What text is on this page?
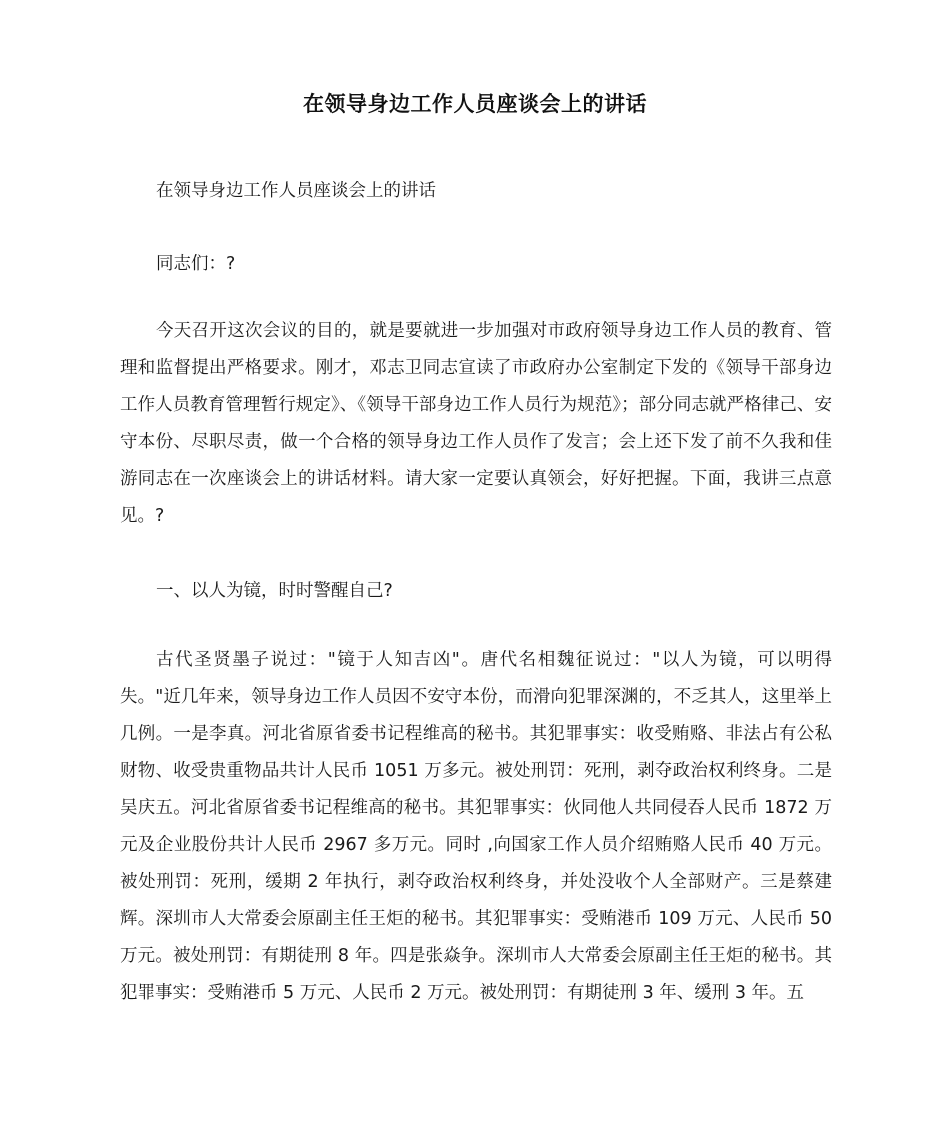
在领导身边工作人员座谈会上的讲话

在领导身边工作人员座谈会上的讲话

同志们：?

今天召开这次会议的目的，就是要就进一步加强对市政府领导身边工作人员的教育、管理和监督提出严格要求。刚才，邓志卫同志宣读了市政府办公室制定下发的《领导干部身边工作人员教育管理暂行规定》、《领导干部身边工作人员行为规范》；部分同志就严格律己、安守本份、尽职尽责，做一个合格的领导身边工作人员作了发言；会上还下发了前不久我和佳游同志在一次座谈会上的讲话材料。请大家一定要认真领会，好好把握。下面，我讲三点意见。?

一、以人为镜，时时警醒自己?

古代圣贤墨子说过："镜于人知吉凶"。唐代名相魏征说过："以人为镜，可以明得失。"近几年来，领导身边工作人员因不安守本份，而滑向犯罪深渊的，不乏其人，这里举上几例。一是李真。河北省原省委书记程维高的秘书。其犯罪事实：收受贿赂、非法占有公私财物、收受贵重物品共计人民币 1051 万多元。被处刑罚：死刑，剥夺政治权利终身。二是吴庆五。河北省原省委书记程维高的秘书。其犯罪事实：伙同他人共同侵吞人民币 1872 万元及企业股份共计人民币 2967 多万元。同时 ,向国家工作人员介绍贿赂人民币 40 万元。被处刑罚：死刑，缓期 2 年执行，剥夺政治权利终身，并处没收个人全部财产。三是蔡建辉。深圳市人大常委会原副主任王炬的秘书。其犯罪事实：受贿港币 109 万元、人民币 50 万元。被处刑罚：有期徒刑 8 年。四是张焱争。深圳市人大常委会原副主任王炬的秘书。其犯罪事实：受贿港币 5 万元、人民币 2 万元。被处刑罚：有期徒刑 3 年、缓刑 3 年。五
